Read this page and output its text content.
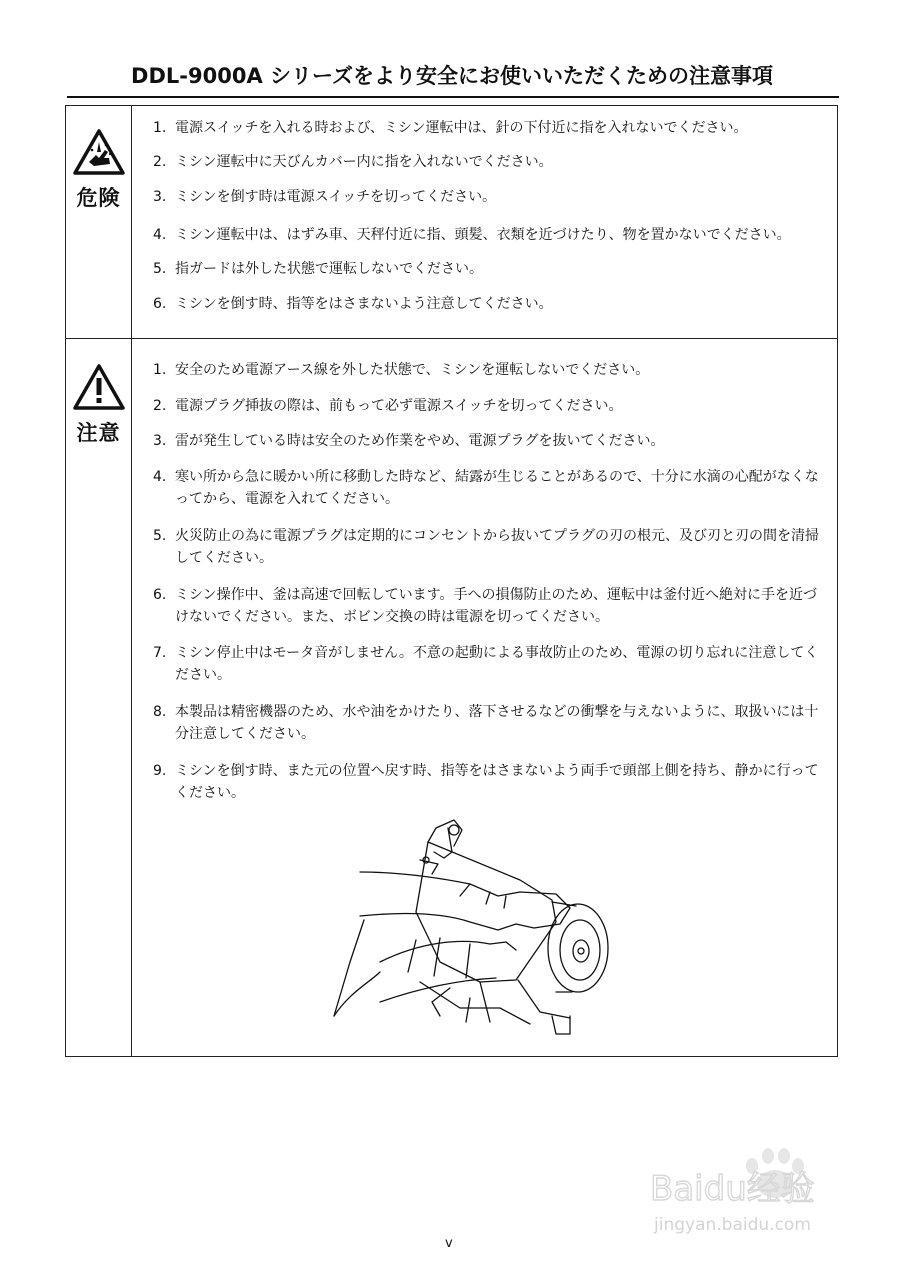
DDL-9000A シリーズをより安全にお使いいただくための注意事項
危険
1. 電源スイッチを入れる時および、ミシン運転中は、針の下付近に指を入れないでください。
2. ミシン運転中に天びんカバー内に指を入れないでください。
3. ミシンを倒す時は電源スイッチを切ってください。
4. ミシン運転中は、はずみ車、天秤付近に指、頭髪、衣類を近づけたり、物を置かないでください。
5. 指ガードは外した状態で運転しないでください。
6. ミシンを倒す時、指等をはさまないよう注意してください。
注意
1. 安全のため電源アース線を外した状態で、ミシンを運転しないでください。
2. 電源プラグ挿抜の際は、前もって必ず電源スイッチを切ってください。
3. 雷が発生している時は安全のため作業をやめ、電源プラグを抜いてください。
4. 寒い所から急に暖かい所に移動した時など、結露が生じることがあるので、十分に水滴の心配がなくなってから、電源を入れてください。
5. 火災防止の為に電源プラグは定期的にコンセントから抜いてプラグの刃の根元、及び刃と刃の間を清掃してください。
6. ミシン操作中、釜は高速で回転しています。手への損傷防止のため、運転中は釜付近へ絶対に手を近づけないでください。また、ボビン交換の時は電源を切ってください。
7. ミシン停止中はモータ音がしません。不意の起動による事故防止のため、電源の切り忘れに注意してください。
8. 本製品は精密機器のため、水や油をかけたり、落下させるなどの衝撃を与えないように、取扱いには十分注意してください。
9. ミシンを倒す時、また元の位置へ戻す時、指等をはさまないよう両手で頭部上側を持ち、静かに行ってください。
Baidu经验
jingyan.baidu.com
v
